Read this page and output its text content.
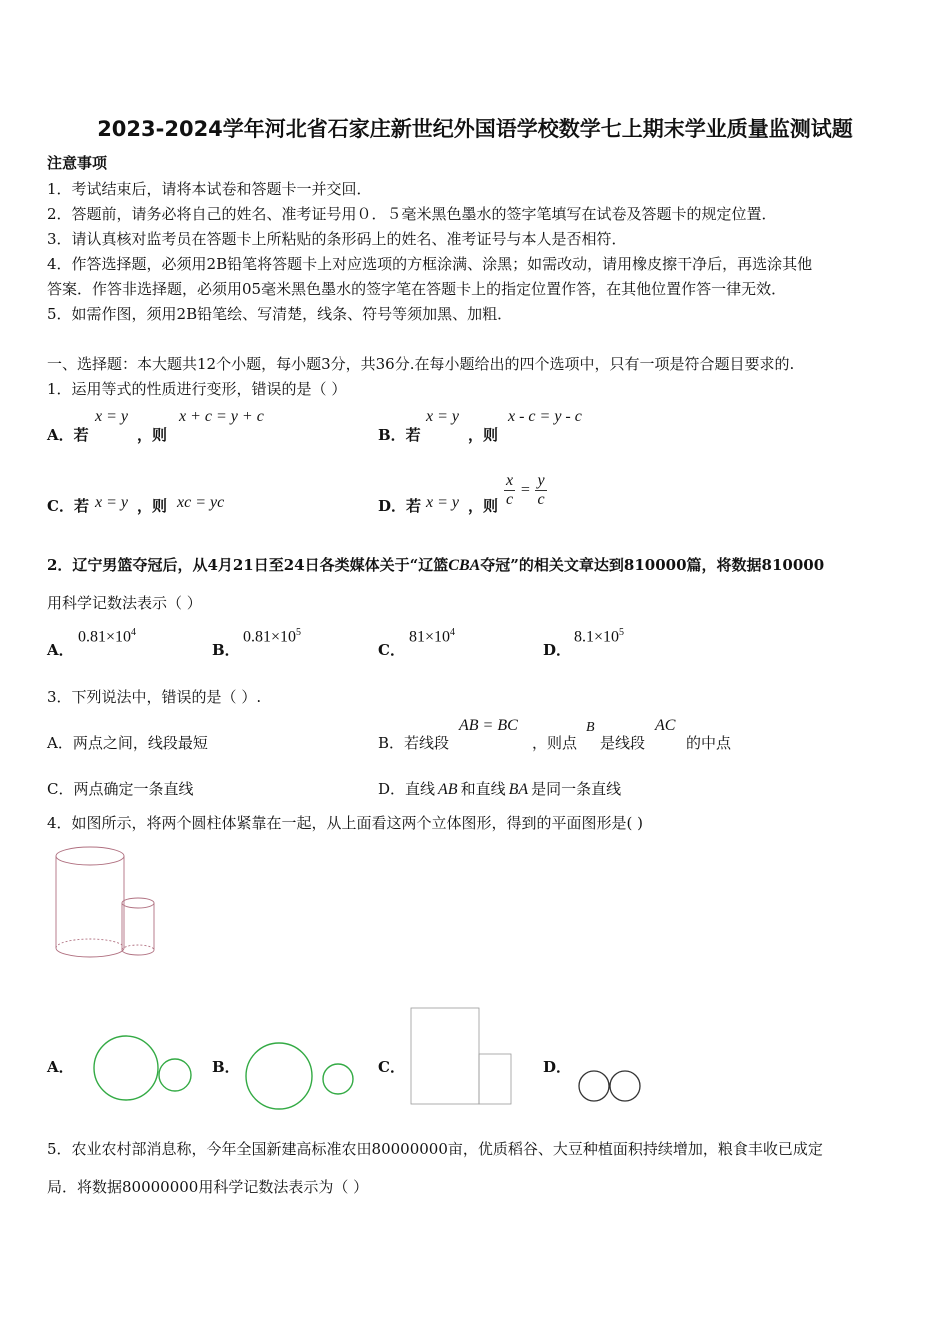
2023-2024学年河北省石家庄新世纪外国语学校数学七上期末学业质量监测试题
注意事项
1．考试结束后，请将本试卷和答题卡一并交回．
2．答题前，请务必将自己的姓名、准考证号用０．５毫米黑色墨水的签字笔填写在试卷及答题卡的规定位置．
3．请认真核对监考员在答题卡上所粘贴的条形码上的姓名、准考证号与本人是否相符．
4．作答选择题，必须用2B铅笔将答题卡上对应选项的方框涂满、涂黑；如需改动，请用橡皮擦干净后，再选涂其他
答案．作答非选择题，必须用05毫米黑色墨水的签字笔在答题卡上的指定位置作答，在其他位置作答一律无效．
5．如需作图，须用2B铅笔绘、写清楚，线条、符号等须加黑、加粗．
一、选择题：本大题共12个小题，每小题3分，共36分.在每小题给出的四个选项中，只有一项是符合题目要求的.
1．运用等式的性质进行变形，错误的是（ ）
A．若
x = y
，则
x + c = y + c
B．若
x = y
，则
x - c = y - c
C．若 x = y ，则 xc = yc	D．若 x = y ，则 $\frac{x}{c} = \frac{y}{c}$
2．辽宁男篮夺冠后，从4月21日至24日各类媒体关于“辽篮CBA夺冠”的相关文章达到810000篇，将数据810000
用科学记数法表示（ ）
A．
$0.81\times 10^4$
B．
$0.81\times 10^5$
C．
$81\times 10^4$
D．
$8.1\times 10^5$
3．下列说法中，错误的是（ ）.
A．两点之间，线段最短	B．若线段
AB = BC
，则点
B
是线段
AC
的中点
C．两点确定一条直线	D．直线 AB 和直线 BA 是同一条直线
4．如图所示，将两个圆柱体紧靠在一起，从上面看这两个立体图形，得到的平面图形是( )
A．	B．	C．	D．
5．农业农村部消息称，今年全国新建高标准农田80000000亩，优质稻谷、大豆种植面积持续增加，粮食丰收已成定
局．将数据80000000用科学记数法表示为（ ）
